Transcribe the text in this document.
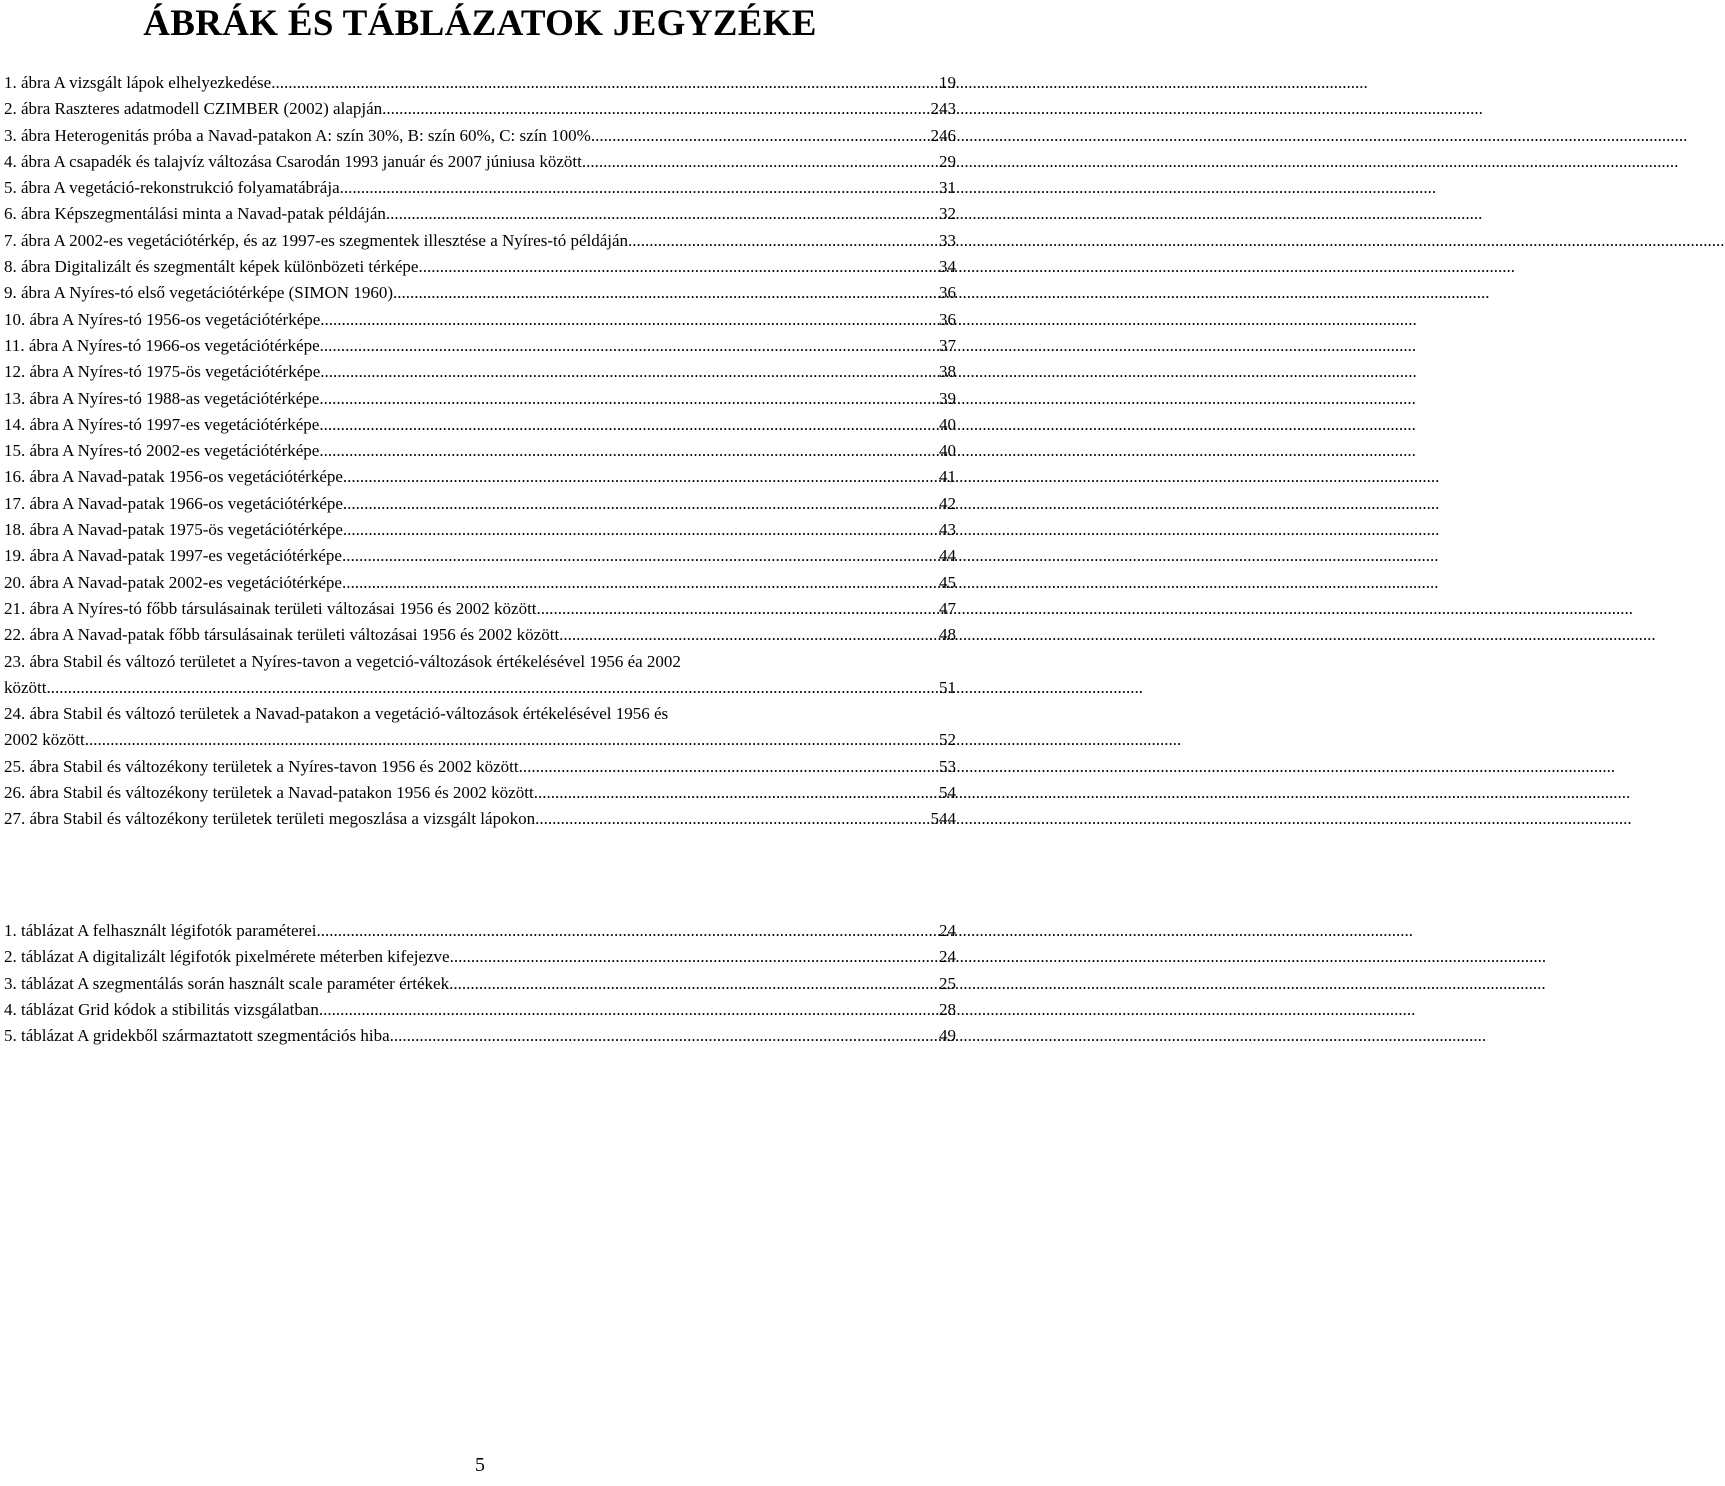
ÁBRÁK ÉS TÁBLÁZATOK JEGYZÉKE
1. ábra A vizsgált lápok elhelyezkedése .....	19
2. ábra Raszteres adatmodell CZIMBER (2002) alapján. .....	243
3. ábra Heterogenitás próba a Navad-patakon A: szín 30%, B: szín 60%, C: szín 100% .....	246
4. ábra A csapadék és talajvíz változása Csarodán 1993 január és 2007 júniusa között .....	29
5. ábra A vegetáció-rekonstrukció folyamatábrája .....	31
6. ábra Képszegmentálási minta a Navad-patak példáján .....	32
7. ábra A 2002-es vegetációtérkép, és az 1997-es szegmentek illesztése a Nyíres-tó példáján .....	33
8. ábra Digitalizált és szegmentált képek különbözeti térképe .....	34
9. ábra A Nyíres-tó első vegetációtérképe (SIMON 1960) .....	36
10. ábra A Nyíres-tó 1956-os vegetációtérképe .....	36
11. ábra A Nyíres-tó 1966-os vegetációtérképe .....	37
12. ábra A Nyíres-tó 1975-ös vegetációtérképe .....	38
13. ábra A Nyíres-tó 1988-as vegetációtérképe .....	39
14. ábra A Nyíres-tó 1997-es vegetációtérképe .....	40
15. ábra A Nyíres-tó 2002-es vegetációtérképe .....	40
16. ábra A Navad-patak 1956-os vegetációtérképe .....	41
17. ábra A Navad-patak 1966-os vegetációtérképe .....	42
18. ábra A Navad-patak 1975-ös vegetációtérképe .....	43
19. ábra A Navad-patak 1997-es vegetációtérképe .....	44
20. ábra A Navad-patak 2002-es vegetációtérképe .....	45
21. ábra A Nyíres-tó főbb társulásainak területi változásai 1956 és 2002 között .....	47
22. ábra A Navad-patak főbb társulásainak területi változásai 1956 és 2002 között .....	48
23. ábra Stabil és változó területet a Nyíres-tavon a vegetció-változások értékelésével 1956 éa 2002
között .....	51
24. ábra Stabil és változó területek a Navad-patakon a vegetáció-változások értékelésével 1956 és
2002 között .....	52
25. ábra Stabil és változékony területek a Nyíres-tavon 1956 és 2002 között .....	53
26. ábra Stabil és változékony területek a Navad-patakon 1956 és 2002 között .....	54
27. ábra Stabil és változékony területek területi megoszlása a vizsgált lápokon .....	544
1. táblázat A felhasznált légifotók paraméterei .....	24
2. táblázat A digitalizált légifotók pixelmérete méterben kifejezve .....	24
3. táblázat A szegmentálás során használt scale paraméter értékek .....	25
4. táblázat Grid kódok a stibilitás vizsgálatban .....	28
5. táblázat A gridekből származtatott szegmentációs hiba .....	49
5
